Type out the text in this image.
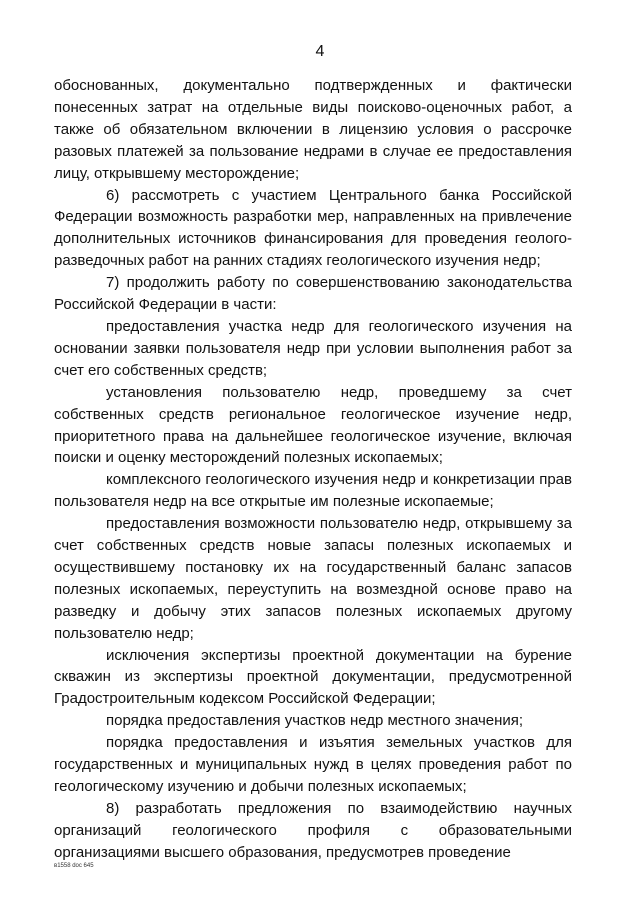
4

обоснованных, документально подтвержденных и фактически понесенных затрат на отдельные виды поисково-оценочных работ, а также об обязательном включении в лицензию условия о рассрочке разовых платежей за пользование недрами в случае ее предоставления лицу, открывшему месторождение;

6) рассмотреть с участием Центрального банка Российской Федерации возможность разработки мер, направленных на привлечение дополнительных источников финансирования для проведения геолого-разведочных работ на ранних стадиях геологического изучения недр;

7) продолжить работу по совершенствованию законодательства Российской Федерации в части:

предоставления участка недр для геологического изучения на основании заявки пользователя недр при условии выполнения работ за счет его собственных средств;

установления пользователю недр, проведшему за счет собственных средств региональное геологическое изучение недр, приоритетного права на дальнейшее геологическое изучение, включая поиски и оценку месторождений полезных ископаемых;

комплексного геологического изучения недр и конкретизации прав пользователя недр на все открытые им полезные ископаемые;

предоставления возможности пользователю недр, открывшему за счет собственных средств новые запасы полезных ископаемых и осуществившему постановку их на государственный баланс запасов полезных ископаемых, переуступить на возмездной основе право на разведку и добычу этих запасов полезных ископаемых другому пользователю недр;

исключения экспертизы проектной документации на бурение скважин из экспертизы проектной документации, предусмотренной Градостроительным кодексом Российской Федерации;

порядка предоставления участков недр местного значения;

порядка предоставления и изъятия земельных участков для государственных и муниципальных нужд в целях проведения работ по геологическому изучению и добычи полезных ископаемых;

8) разработать предложения по взаимодействию научных организаций геологического профиля с образовательными организациями высшего образования, предусмотрев проведение

в1558 doc 645
